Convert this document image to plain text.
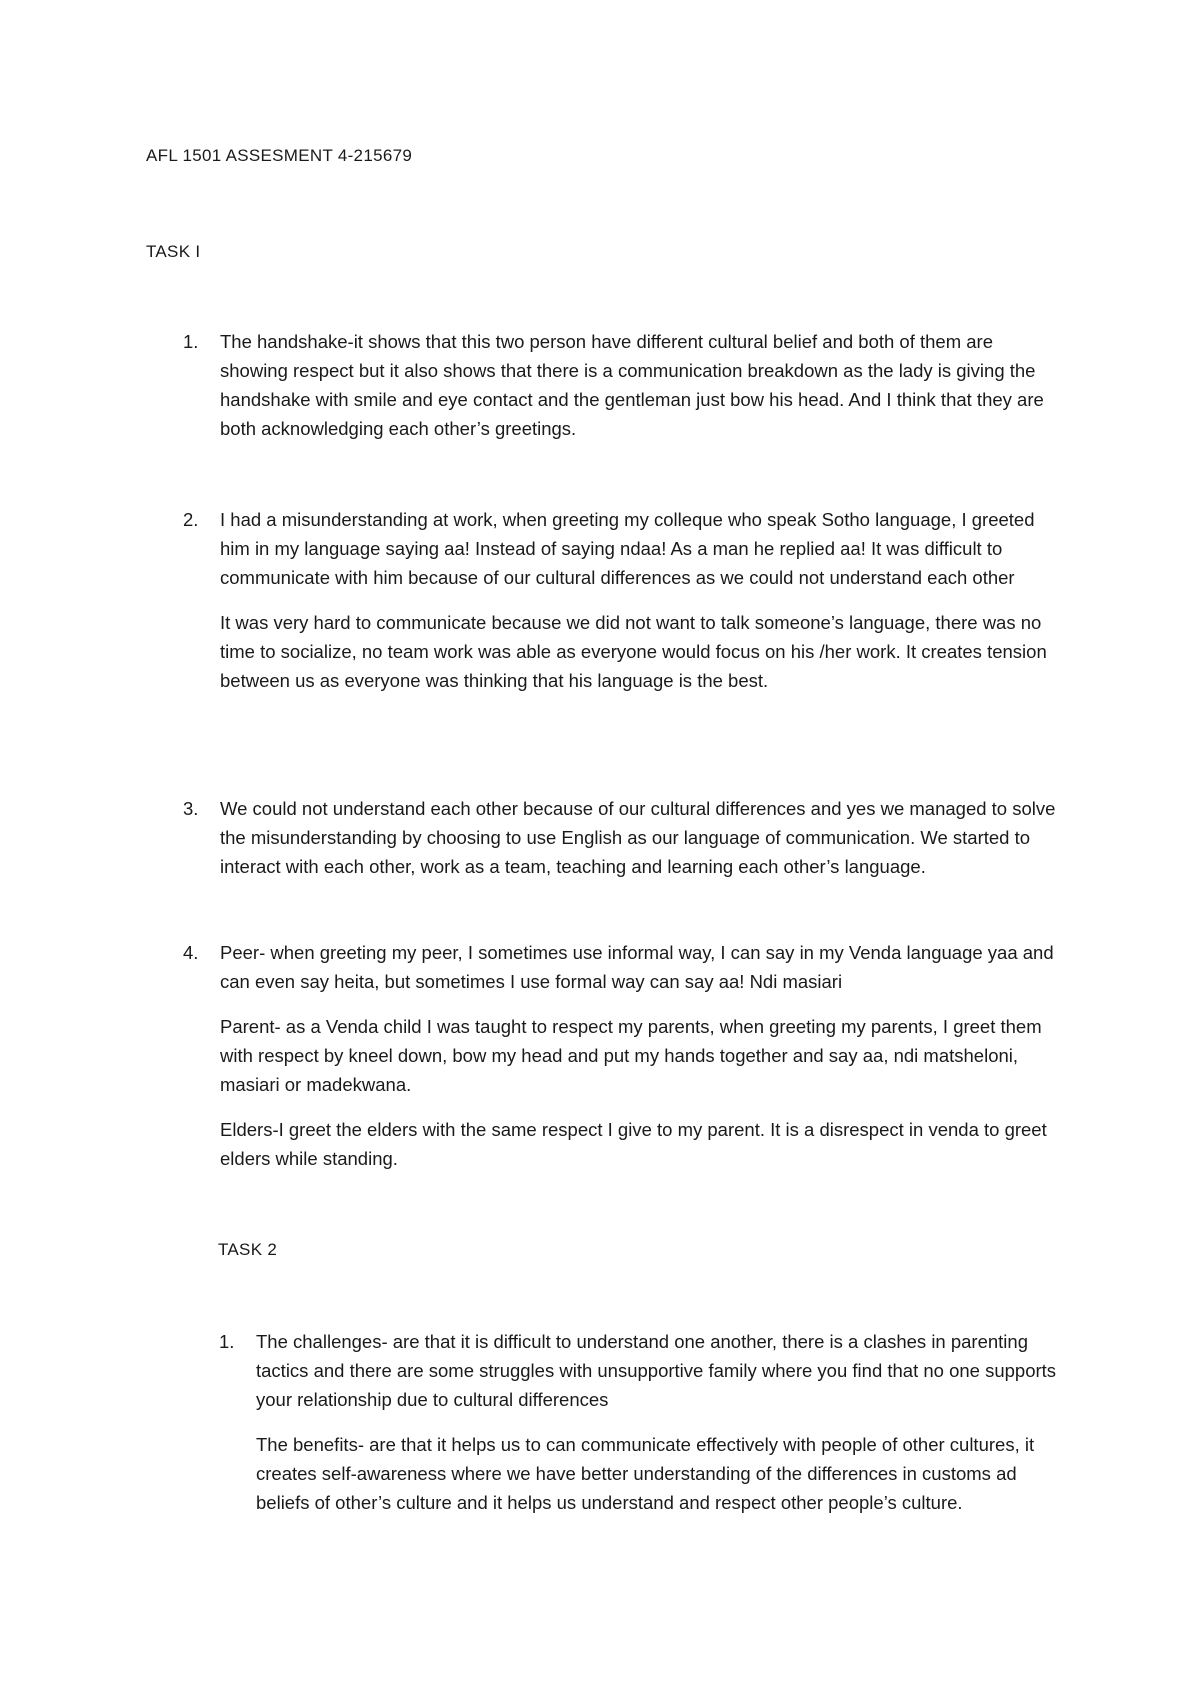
AFL 1501 ASSESMENT 4-215679
TASK I
1.	The handshake-it shows that this two person have different cultural belief and both of them are showing respect but it also shows that there is a communication breakdown as the lady is giving the handshake with smile and eye contact and the gentleman just bow his head. And I think that they are both acknowledging each other’s greetings.

2.	I had a misunderstanding at work, when greeting my colleque who speak Sotho language, I greeted him in my language saying aa! Instead of saying ndaa! As a man he replied aa! It was difficult to communicate with him because of our cultural differences as we could not understand each other

It was very hard to communicate because we did not want to talk someone’s language, there was no time to socialize, no team work was able as everyone would focus on his /her work. It creates tension between us as everyone was thinking that his language is the best.

3.	We could not understand each other because of our cultural differences and yes we managed to solve the misunderstanding by choosing to use English as our language of communication. We started to interact with each other, work as a team, teaching and learning each other’s language.

4.	Peer- when greeting my peer, I sometimes use informal way, I can say in my Venda language yaa and can even say heita, but sometimes I use formal way can say aa! Ndi masiari

Parent- as a Venda child I was taught to respect my parents, when greeting my parents, I greet them with respect by kneel down, bow my head and put my hands together and say aa, ndi matsheloni, masiari or madekwana.

Elders-I greet the elders with the same respect I give to my parent. It is a disrespect in venda to greet elders while standing.

TASK 2
1.	The challenges- are that it is difficult to understand one another, there is a clashes in parenting tactics and there are some struggles with unsupportive family where you find that no one supports your relationship due to cultural differences

The benefits- are that it helps us to can communicate effectively with people of other cultures, it creates self-awareness where we have better understanding of the differences in customs ad beliefs of other’s culture and it helps us understand and respect other people’s culture.
